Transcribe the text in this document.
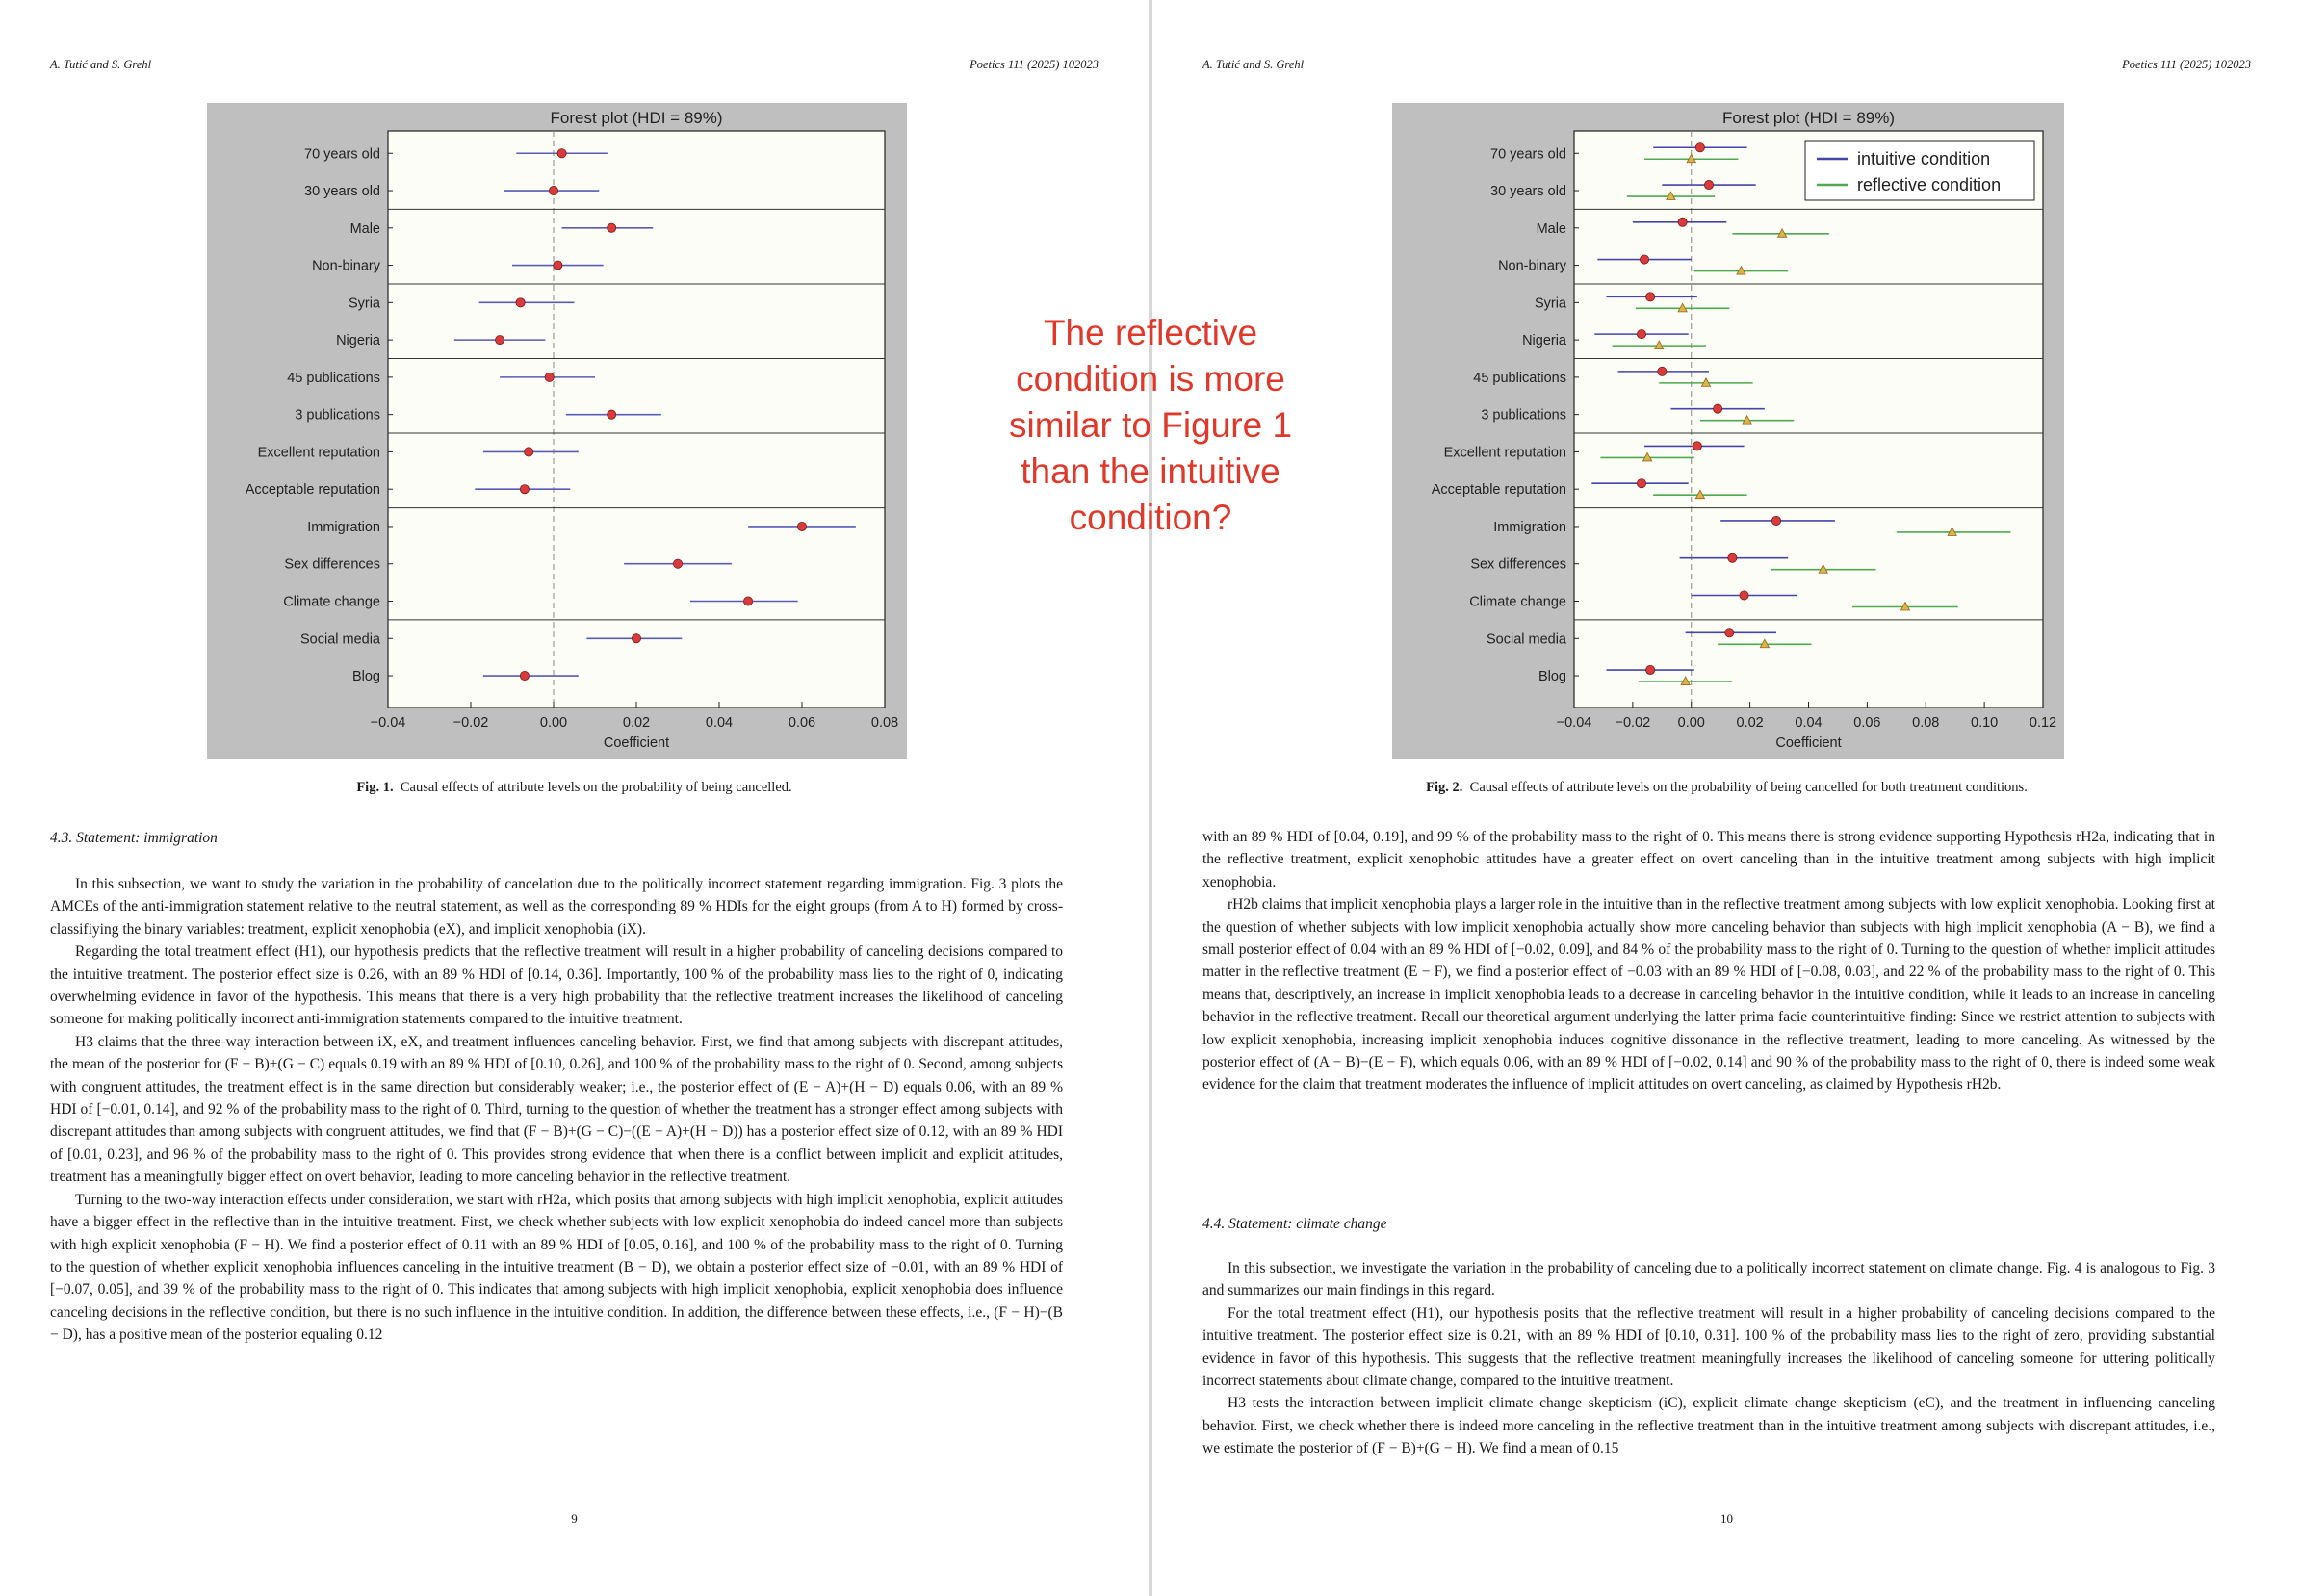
A. Tutić and S. Grehl	Poetics 111 (2025) 102023
Forest plot (HDI = 89%)
70 years old
30 years old
Male
Non-binary
Syria
Nigeria
45 publications
3 publications
Excellent reputation
Acceptable reputation
Immigration
Sex differences
Climate change
Social media
Blog
−0.04	−0.02	0.00	0.02	0.04	0.06	0.08
Coefficient
Fig. 1. Causal effects of attribute levels on the probability of being cancelled.
4.3. Statement: immigration

In this subsection, we want to study the variation in the probability of cancelation due to the politically incorrect statement regarding immigration. Fig. 3 plots the AMCEs of the anti-immigration statement relative to the neutral statement, as well as the corresponding 89 % HDIs for the eight groups (from A to H) formed by cross-classifiying the binary variables: treatment, explicit xenophobia (eX), and implicit xenophobia (iX).

Regarding the total treatment effect (H1), our hypothesis predicts that the reflective treatment will result in a higher probability of canceling decisions compared to the intuitive treatment. The posterior effect size is 0.26, with an 89 % HDI of [0.14, 0.36]. Importantly, 100 % of the probability mass lies to the right of 0, indicating overwhelming evidence in favor of the hypothesis. This means that there is a very high probability that the reflective treatment increases the likelihood of canceling someone for making politically incorrect anti-immigration statements compared to the intuitive treatment.

H3 claims that the three-way interaction between iX, eX, and treatment influences canceling behavior. First, we find that among subjects with discrepant attitudes, the mean of the posterior for (F − B)+(G − C) equals 0.19 with an 89 % HDI of [0.10, 0.26], and 100 % of the probability mass to the right of 0. Second, among subjects with congruent attitudes, the treatment effect is in the same direction but considerably weaker; i.e., the posterior effect of (E − A)+(H − D) equals 0.06, with an 89 % HDI of [−0.01, 0.14], and 92 % of the probability mass to the right of 0. Third, turning to the question of whether the treatment has a stronger effect among subjects with discrepant attitudes than among subjects with congruent attitudes, we find that (F − B)+(G − C)−((E − A)+(H − D)) has a posterior effect size of 0.12, with an 89 % HDI of [0.01, 0.23], and 96 % of the probability mass to the right of 0. This provides strong evidence that when there is a conflict between implicit and explicit attitudes, treatment has a meaningfully bigger effect on overt behavior, leading to more canceling behavior in the reflective treatment.

Turning to the two-way interaction effects under consideration, we start with rH2a, which posits that among subjects with high implicit xenophobia, explicit attitudes have a bigger effect in the reflective than in the intuitive treatment. First, we check whether subjects with low explicit xenophobia do indeed cancel more than subjects with high explicit xenophobia (F − H). We find a posterior effect of 0.11 with an 89 % HDI of [0.05, 0.16], and 100 % of the probability mass to the right of 0. Turning to the question of whether explicit xenophobia influences canceling in the intuitive treatment (B − D), we obtain a posterior effect size of −0.01, with an 89 % HDI of [−0.07, 0.05], and 39 % of the probability mass to the right of 0. This indicates that among subjects with high implicit xenophobia, explicit xenophobia does influence canceling decisions in the reflective condition, but there is no such influence in the intuitive condition. In addition, the difference between these effects, i.e., (F − H)−(B − D), has a positive mean of the posterior equaling 0.12

9
A. Tutić and S. Grehl	Poetics 111 (2025) 102023
Forest plot (HDI = 89%)
70 years old
30 years old
Male
Non-binary
Syria
Nigeria
45 publications
3 publications
Excellent reputation
Acceptable reputation
Immigration
Sex differences
Climate change
Social media
Blog
−0.04 −0.02 0.00 0.02 0.04 0.06 0.08 0.10 0.12
Coefficient
intuitive condition
reflective condition
Fig. 2. Causal effects of attribute levels on the probability of being cancelled for both treatment conditions.

with an 89 % HDI of [0.04, 0.19], and 99 % of the probability mass to the right of 0. This means there is strong evidence supporting Hypothesis rH2a, indicating that in the reflective treatment, explicit xenophobic attitudes have a greater effect on overt canceling than in the intuitive treatment among subjects with high implicit xenophobia.

rH2b claims that implicit xenophobia plays a larger role in the intuitive than in the reflective treatment among subjects with low explicit xenophobia. Looking first at the question of whether subjects with low implicit xenophobia actually show more canceling behavior than subjects with high implicit xenophobia (A − B), we find a small posterior effect of 0.04 with an 89 % HDI of [−0.02, 0.09], and 84 % of the probability mass to the right of 0. Turning to the question of whether implicit attitudes matter in the reflective treatment (E − F), we find a posterior effect of −0.03 with an 89 % HDI of [−0.08, 0.03], and 22 % of the probability mass to the right of 0. This means that, descriptively, an increase in implicit xenophobia leads to a decrease in canceling behavior in the intuitive condition, while it leads to an increase in canceling behavior in the reflective treatment. Recall our theoretical argument underlying the latter prima facie counterintuitive finding: Since we restrict attention to subjects with low explicit xenophobia, increasing implicit xenophobia induces cognitive dissonance in the reflective treatment, leading to more canceling. As witnessed by the posterior effect of (A − B)−(E − F), which equals 0.06, with an 89 % HDI of [−0.02, 0.14] and 90 % of the probability mass to the right of 0, there is indeed some weak evidence for the claim that treatment moderates the influence of implicit attitudes on overt canceling, as claimed by Hypothesis rH2b.

4.4. Statement: climate change

In this subsection, we investigate the variation in the probability of canceling due to a politically incorrect statement on climate change. Fig. 4 is analogous to Fig. 3 and summarizes our main findings in this regard.

For the total treatment effect (H1), our hypothesis posits that the reflective treatment will result in a higher probability of canceling decisions compared to the intuitive treatment. The posterior effect size is 0.21, with an 89 % HDI of [0.10, 0.31]. 100 % of the probability mass lies to the right of zero, providing substantial evidence in favor of this hypothesis. This suggests that the reflective treatment meaningfully increases the likelihood of canceling someone for uttering politically incorrect statements about climate change, compared to the intuitive treatment.

H3 tests the interaction between implicit climate change skepticism (iC), explicit climate change skepticism (eC), and the treatment in influencing canceling behavior. First, we check whether there is indeed more canceling in the reflective treatment than in the intuitive treatment among subjects with discrepant attitudes, i.e., we estimate the posterior of (F − B)+(G − H). We find a mean of 0.15

10
The reflective condition is more similar to Figure 1 than the intuitive condition?
